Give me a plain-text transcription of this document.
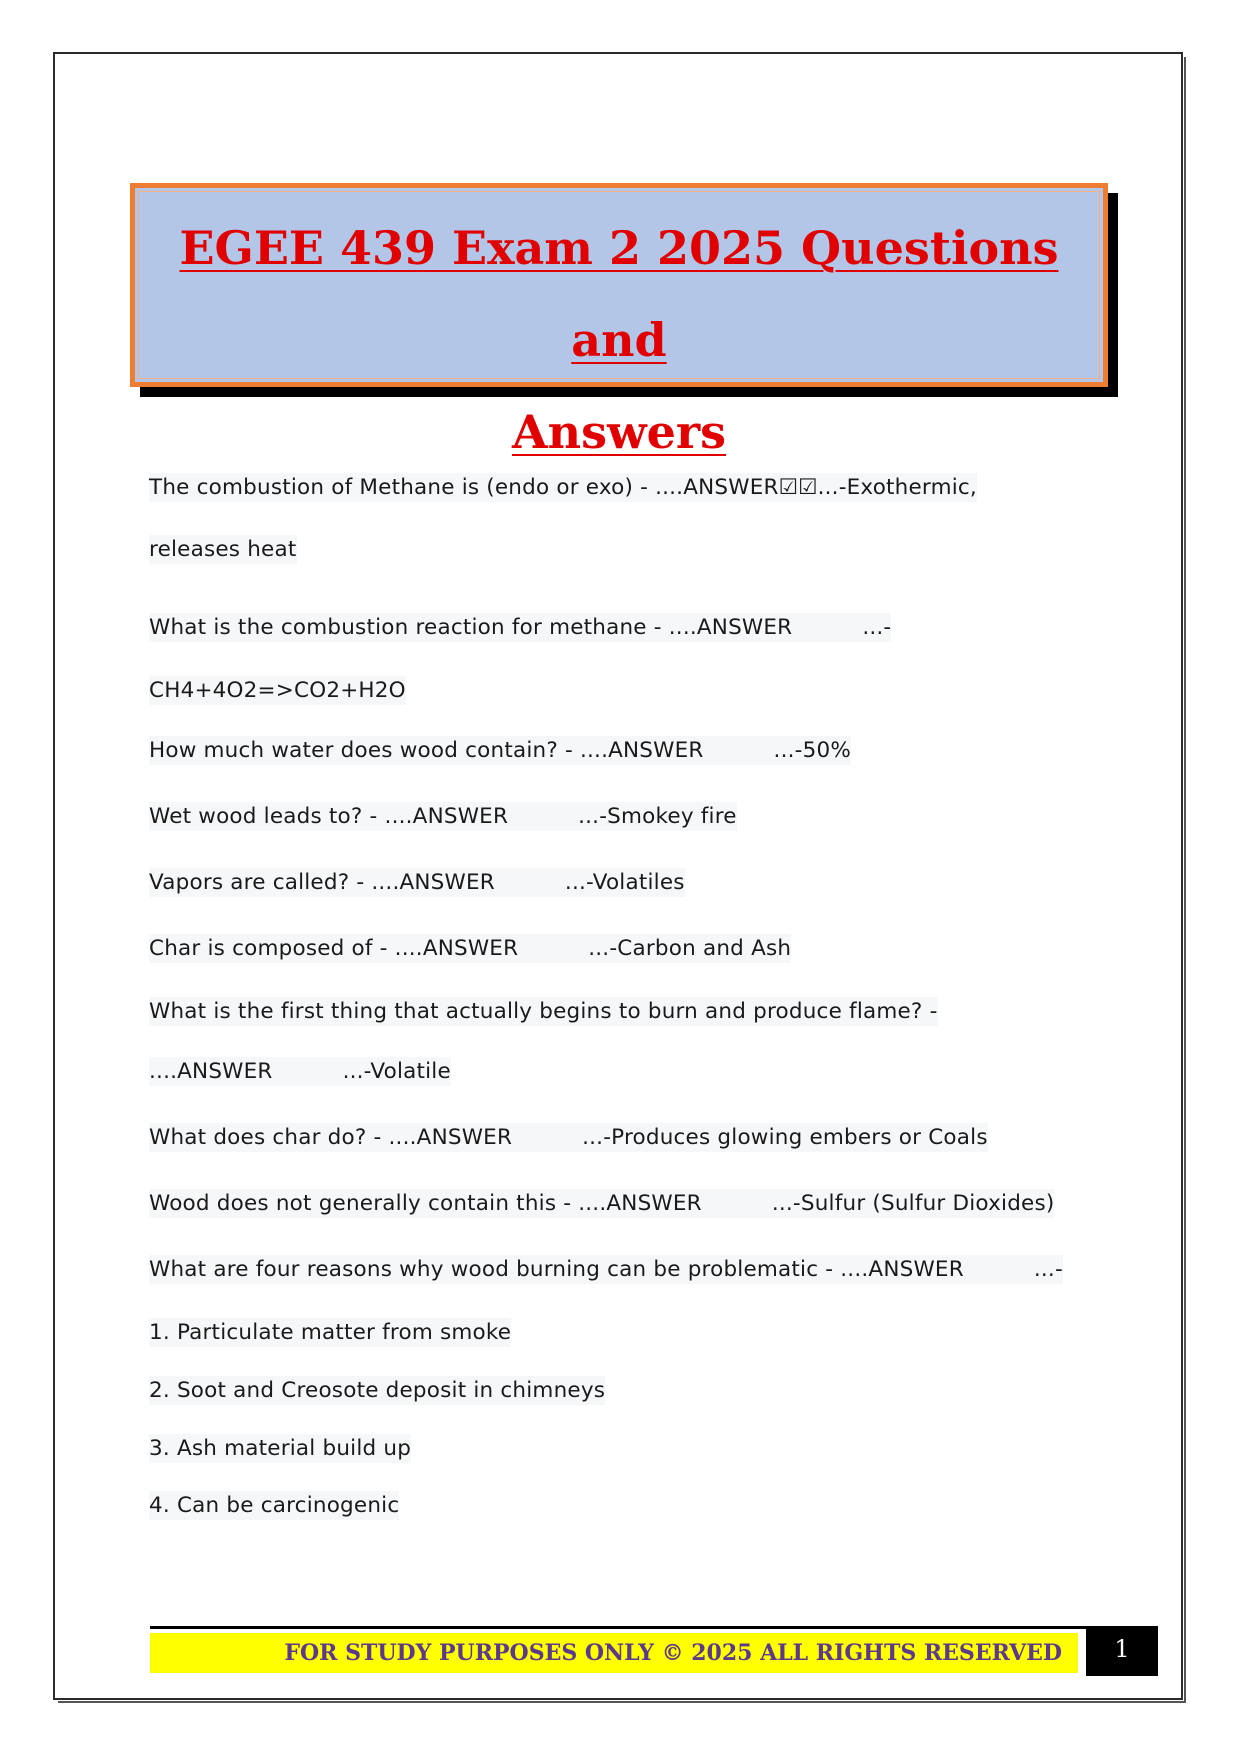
EGEE 439 Exam 2 2025 Questions and
Answers
The combustion of Methane is (endo or exo) - ....ANSWER☑☑...-Exothermic,
releases heat
What is the combustion reaction for methane - ....ANSWER	...-
CH4+4O2=>CO2+H2O
How much water does wood contain? - ....ANSWER	...-50%
Wet wood leads to? - ....ANSWER	...-Smokey fire
Vapors are called? - ....ANSWER	...-Volatiles
Char is composed of - ....ANSWER	...-Carbon and Ash
What is the first thing that actually begins to burn and produce flame? -
....ANSWER	...-Volatile
What does char do? - ....ANSWER	...-Produces glowing embers or Coals
Wood does not generally contain this - ....ANSWER	...-Sulfur (Sulfur Dioxides)
What are four reasons why wood burning can be problematic - ....ANSWER	...-
1. Particulate matter from smoke
2. Soot and Creosote deposit in chimneys
3. Ash material build up
4. Can be carcinogenic
FOR STUDY PURPOSES ONLY © 2025 ALL RIGHTS RESERVED	1
